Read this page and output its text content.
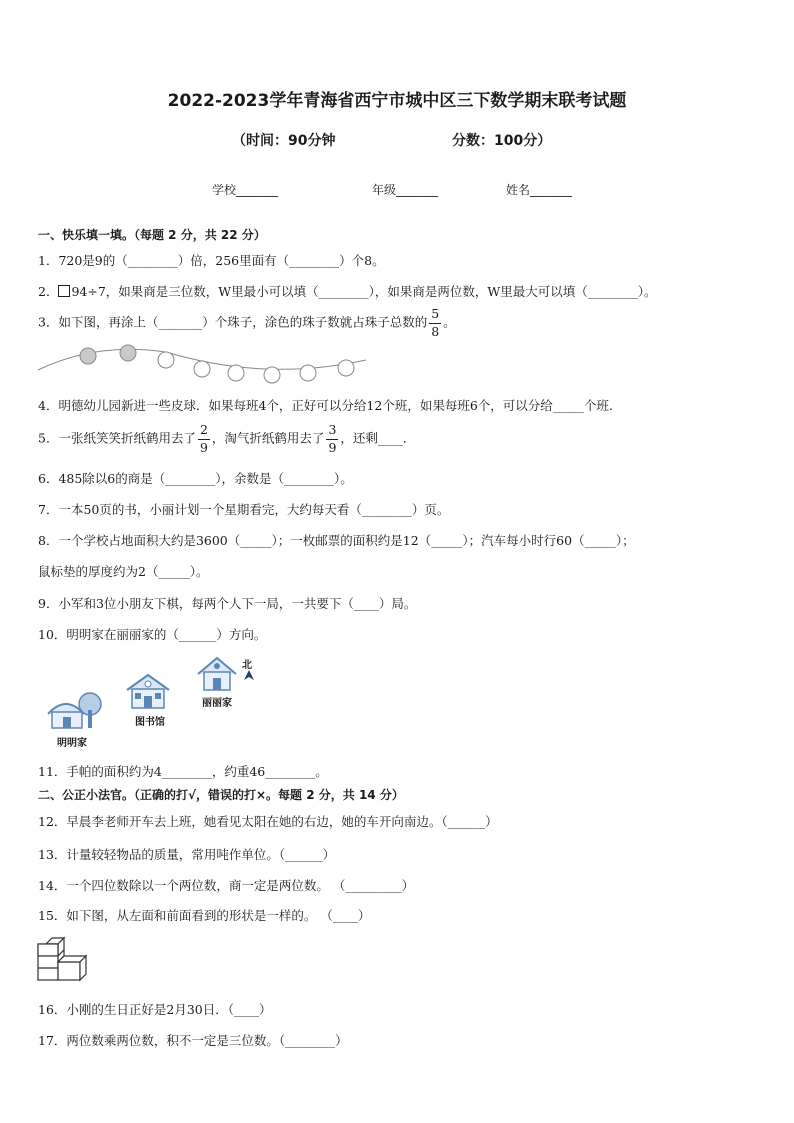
2022-2023学年青海省西宁市城中区三下数学期末联考试题
（时间：90分钟	分数：100分）
学校_______	年级_______	姓名_______
一、快乐填一填。（每题 2 分，共 22 分）
1．720是9的（________）倍，256里面有（________）个8。
2． 94÷7，如果商是三位数，W里最小可以填（________），如果商是两位数，W里最大可以填（________）。
3．如下图，再涂上（_______）个珠子，涂色的珠子数就占珠子总数的 $\frac{5}{8}$ 。
4．明德幼儿园新进一些皮球．如果每班4个，正好可以分给12个班，如果每班6个，可以分给_____个班．
5．一张纸笑笑折纸鹤用去了 $\frac{2}{9}$ ，淘气折纸鹤用去了 $\frac{3}{9}$ ，还剩____．
6．485除以6的商是（________），余数是（________）。
7．一本50页的书，小丽计划一个星期看完，大约每天看（________）页。
8．一个学校占地面积大约是3600（_____）；一枚邮票的面积约是12（_____）；汽车每小时行60（_____）；
鼠标垫的厚度约为2（_____）。
9．小军和3位小朋友下棋，每两个人下一局，一共要下（____）局。
10．明明家在丽丽家的（______）方向。
北
丽丽家
图书馆
明明家
11．手帕的面积约为4________，约重46________。
二、公正小法官。（正确的打√，错误的打×。每题 2 分，共 14 分）
12．早晨李老师开车去上班，她看见太阳在她的右边，她的车开向南边。（______）
13．计量较轻物品的质量，常用吨作单位。（______）
14．一个四位数除以一个两位数，商一定是两位数。 （_________）
15．如下图，从左面和前面看到的形状是一样的。 （____）
16．小刚的生日正好是2月30日．（____）
17．两位数乘两位数，积不一定是三位数。（________）
